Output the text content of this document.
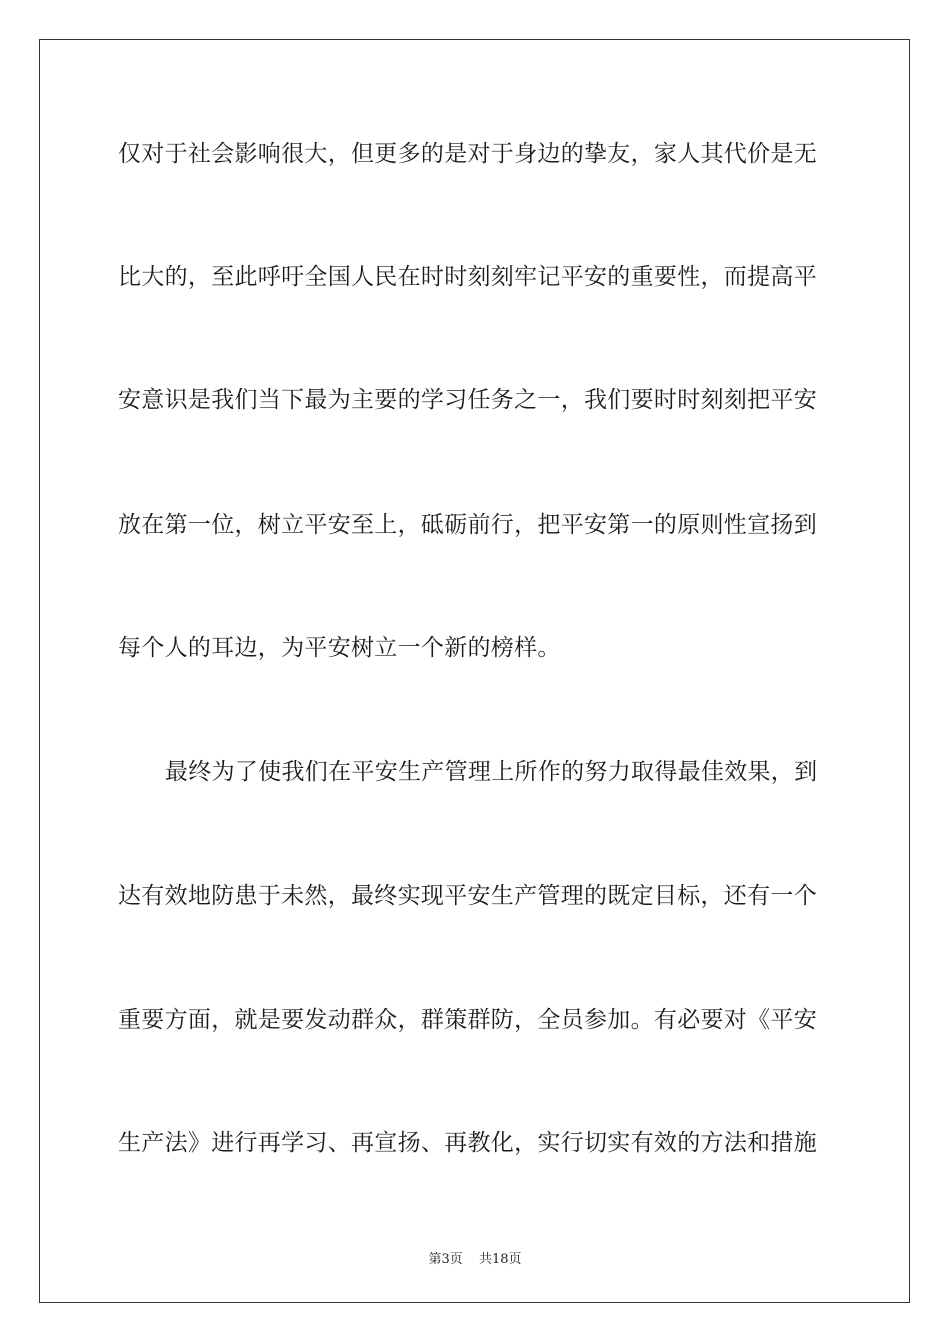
仅对于社会影响很大，但更多的是对于身边的挚友，家人其代价是无
比大的，至此呼吁全国人民在时时刻刻牢记平安的重要性，而提高平
安意识是我们当下最为主要的学习任务之一，我们要时时刻刻把平安
放在第一位，树立平安至上，砥砺前行，把平安第一的原则性宣扬到
每个人的耳边，为平安树立一个新的榜样。
最终为了使我们在平安生产管理上所作的努力取得最佳效果，到
达有效地防患于未然，最终实现平安生产管理的既定目标，还有一个
重要方面，就是要发动群众，群策群防，全员参加。有必要对《平安
生产法》进行再学习、再宣扬、再教化，实行切实有效的方法和措施
第3页 共18页
